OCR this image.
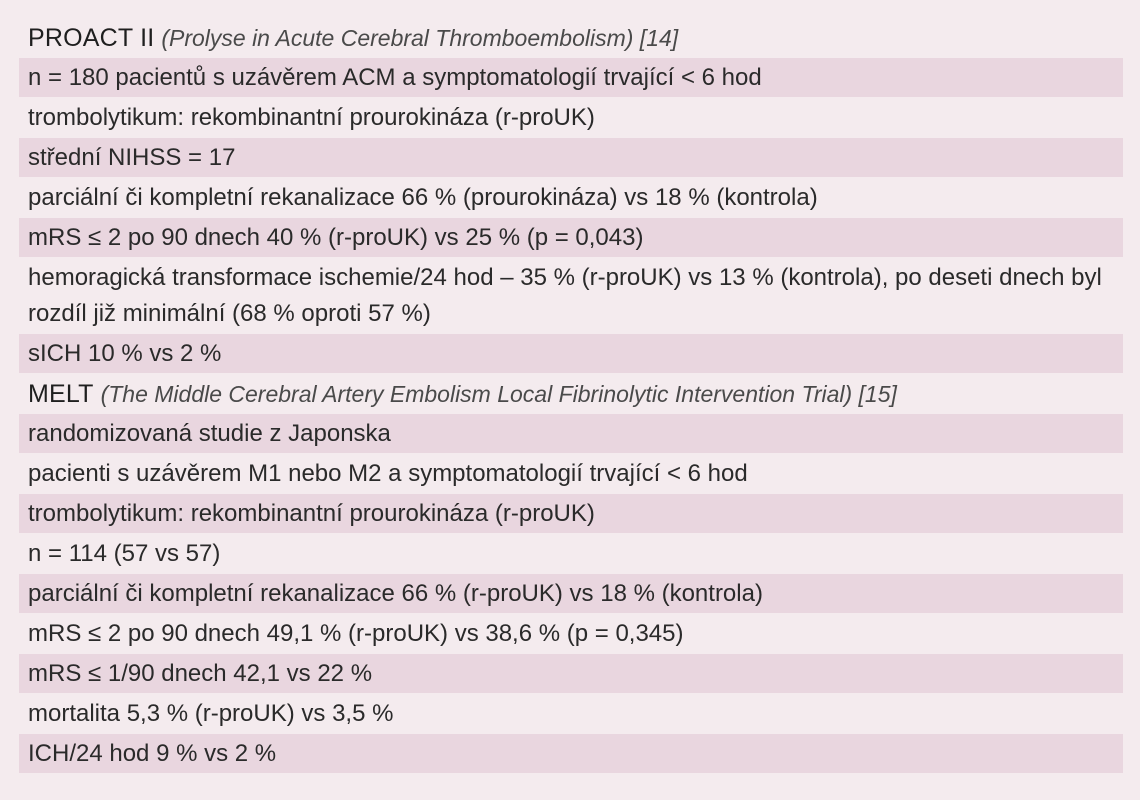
PROACT II (Prolyse in Acute Cerebral Thromboembolism) [14]
n = 180 pacientů s uzávěrem ACM a symptomatologií trvající < 6 hod
trombolytikum: rekombinantní prourokináza (r-proUK)
střední NIHSS = 17
parciální či kompletní rekanalizace 66 % (prourokináza) vs 18 % (kontrola)
mRS ≤ 2 po 90 dnech 40 % (r-proUK) vs 25 % (p = 0,043)
hemoragická transformace ischemie/24 hod – 35 % (r-proUK) vs 13 % (kontrola), po deseti dnech byl rozdíl již minimální (68 % oproti 57 %)
sICH 10 % vs 2 %
MELT (The Middle Cerebral Artery Embolism Local Fibrinolytic Intervention Trial) [15]
randomizovaná studie z Japonska
pacienti s uzávěrem M1 nebo M2 a symptomatologií trvající < 6 hod
trombolytikum: rekombinantní prourokináza (r-proUK)
n = 114 (57 vs 57)
parciální či kompletní rekanalizace 66 % (r-proUK) vs 18 % (kontrola)
mRS ≤ 2 po 90 dnech 49,1 % (r-proUK) vs 38,6 % (p = 0,345)
mRS ≤ 1/90 dnech 42,1 vs 22 %
mortalita 5,3 % (r-proUK) vs 3,5 %
ICH/24 hod 9 % vs 2 %
